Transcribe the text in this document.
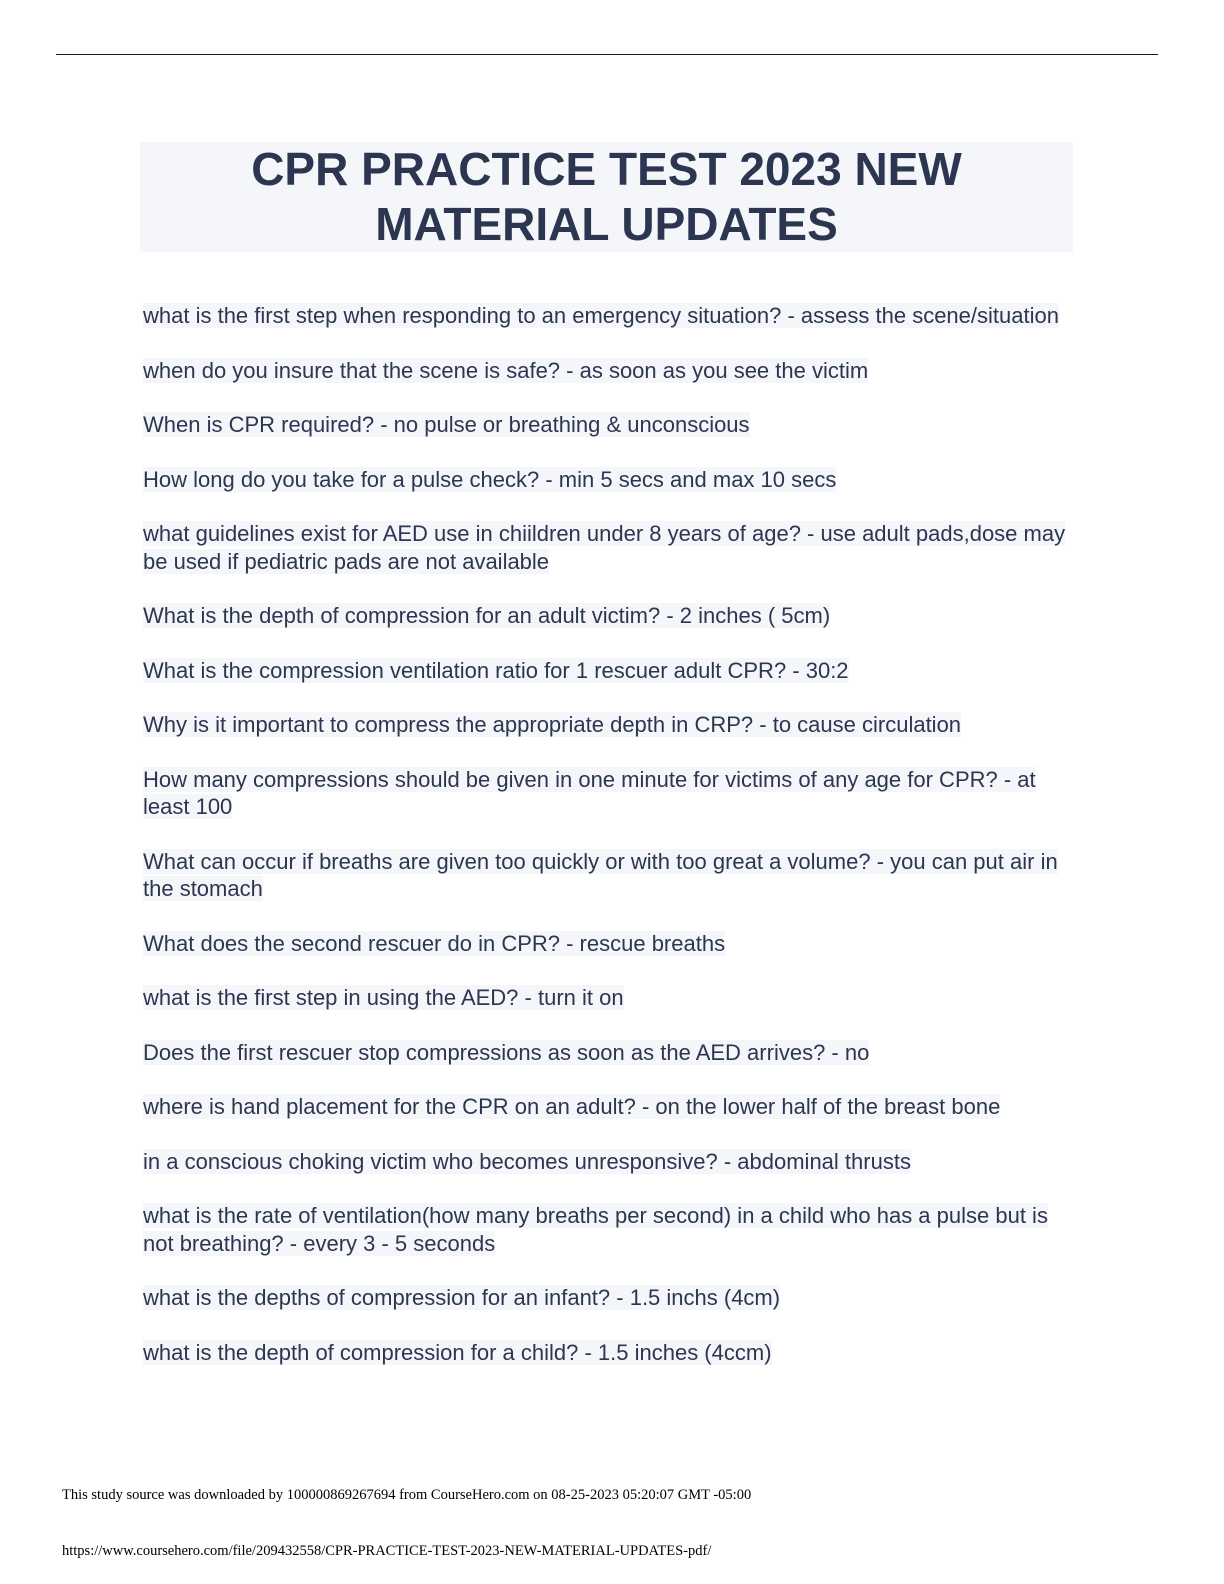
CPR PRACTICE TEST 2023 NEW MATERIAL UPDATES
what is the first step when responding to an emergency situation? - assess the scene/situation
when do you insure that the scene is safe? - as soon as you see the victim
When is CPR required? - no pulse or breathing & unconscious
How long do you take for a pulse check? - min 5 secs and max 10 secs
what guidelines exist for AED use in chiildren under 8 years of age? - use adult pads,dose may be used if pediatric pads are not available
What is the depth of compression for an adult victim? - 2 inches ( 5cm)
What is the compression ventilation ratio for 1 rescuer adult CPR? - 30:2
Why is it important to compress the appropriate depth in CRP? - to cause circulation
How many compressions should be given in one minute for victims of any age for CPR? - at least 100
What can occur if breaths are given too quickly or with too great a volume? - you can put air in the stomach
What does the second rescuer do in CPR? - rescue breaths
what is the first step in using the AED? - turn it on
Does the first rescuer stop compressions as soon as the AED arrives? - no
where is hand placement for the CPR on an adult? - on the lower half of the breast bone
in a conscious choking victim who becomes unresponsive? - abdominal thrusts
what is the rate of ventilation(how many breaths per second) in a child who has a pulse but is not breathing? - every 3 - 5 seconds
what is the depths of compression for an infant? - 1.5 inchs (4cm)
what is the depth of compression for a child? - 1.5 inches (4ccm)
This study source was downloaded by 100000869267694 from CourseHero.com on 08-25-2023 05:20:07 GMT -05:00
https://www.coursehero.com/file/209432558/CPR-PRACTICE-TEST-2023-NEW-MATERIAL-UPDATES-pdf/
